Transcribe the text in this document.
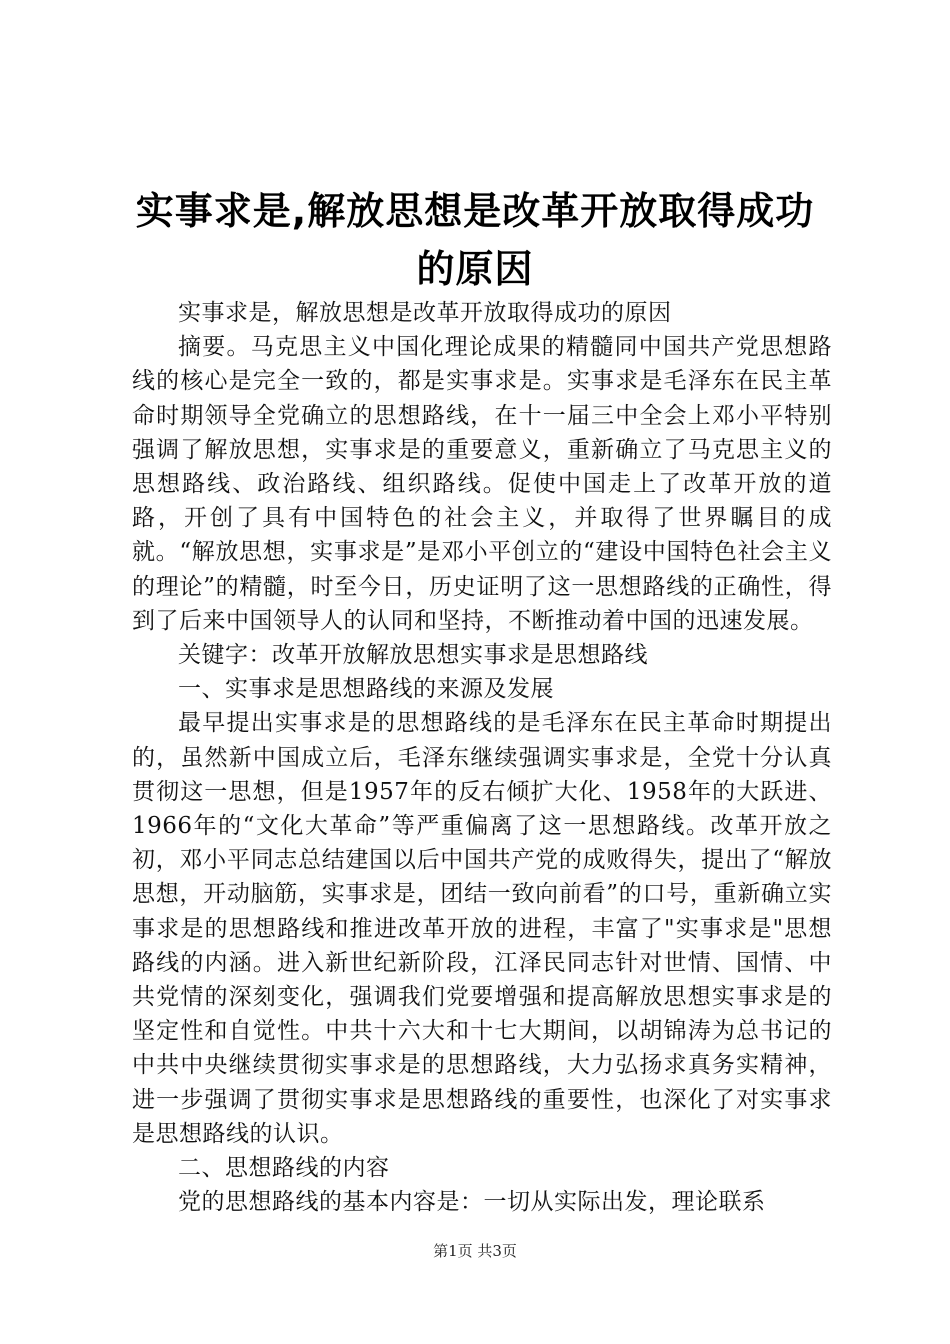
实事求是,解放思想是改革开放取得成功的原因

实事求是，解放思想是改革开放取得成功的原因

摘要。马克思主义中国化理论成果的精髓同中国共产党思想路线的核心是完全一致的，都是实事求是。实事求是毛泽东在民主革命时期领导全党确立的思想路线，在十一届三中全会上邓小平特别强调了解放思想，实事求是的重要意义，重新确立了马克思主义的思想路线、政治路线、组织路线。促使中国走上了改革开放的道路，开创了具有中国特色的社会主义，并取得了世界瞩目的成就。“解放思想，实事求是”是邓小平创立的“建设中国特色社会主义的理论”的精髓，时至今日，历史证明了这一思想路线的正确性，得到了后来中国领导人的认同和坚持，不断推动着中国的迅速发展。

关键字：改革开放解放思想实事求是思想路线

一、实事求是思想路线的来源及发展

最早提出实事求是的思想路线的是毛泽东在民主革命时期提出的，虽然新中国成立后，毛泽东继续强调实事求是，全党十分认真贯彻这一思想，但是1957年的反右倾扩大化、1958年的大跃进、1966年的“文化大革命”等严重偏离了这一思想路线。改革开放之初，邓小平同志总结建国以后中国共产党的成败得失，提出了“解放思想，开动脑筋，实事求是，团结一致向前看”的口号，重新确立实事求是的思想路线和推进改革开放的进程，丰富了"实事求是"思想路线的内涵。进入新世纪新阶段，江泽民同志针对世情、国情、中共党情的深刻变化，强调我们党要增强和提高解放思想实事求是的坚定性和自觉性。中共十六大和十七大期间，以胡锦涛为总书记的中共中央继续贯彻实事求是的思想路线，大力弘扬求真务实精神，进一步强调了贯彻实事求是思想路线的重要性，也深化了对实事求是思想路线的认识。

二、思想路线的内容

党的思想路线的基本内容是：一切从实际出发，理论联系

第1页 共3页
